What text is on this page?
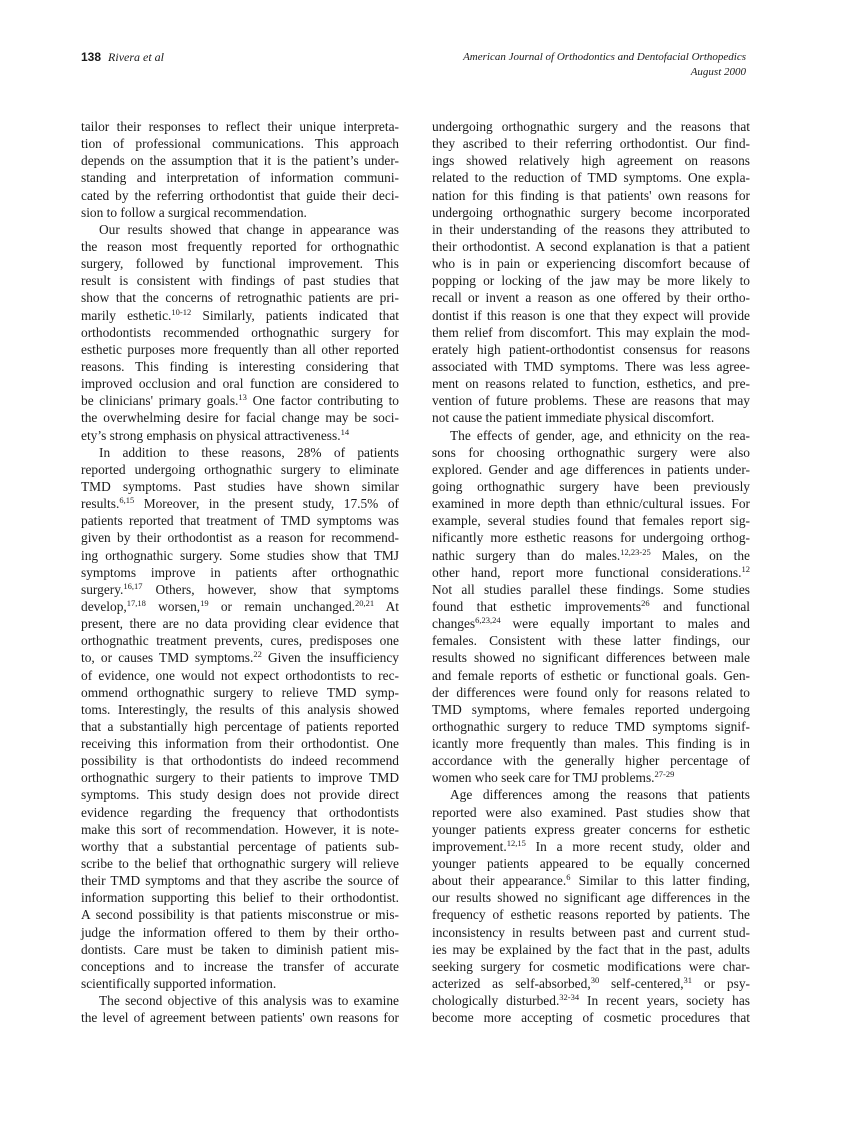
138 Rivera et al	American Journal of Orthodontics and Dentofacial Orthopedics
August 2000
tailor their responses to reflect their unique interpreta-
tion of professional communications. This approach
depends on the assumption that it is the patient’s under-
standing and interpretation of information communi-
cated by the referring orthodontist that guide their deci-
sion to follow a surgical recommendation.
Our results showed that change in appearance was
the reason most frequently reported for orthognathic
surgery, followed by functional improvement. This
result is consistent with findings of past studies that
show that the concerns of retrognathic patients are pri-
marily esthetic.$^{10-12}$ Similarly, patients indicated that
orthodontists recommended orthognathic surgery for
esthetic purposes more frequently than all other reported
reasons. This finding is interesting considering that
improved occlusion and oral function are considered to
be clinicians' primary goals.$^{13}$ One factor contributing to
the overwhelming desire for facial change may be soci-
ety’s strong emphasis on physical attractiveness.$^{14}$
In addition to these reasons, 28% of patients
reported undergoing orthognathic surgery to eliminate
TMD symptoms. Past studies have shown similar
results.$^{6,15}$ Moreover, in the present study, 17.5% of
patients reported that treatment of TMD symptoms was
given by their orthodontist as a reason for recommend-
ing orthognathic surgery. Some studies show that TMJ
symptoms improve in patients after orthognathic
surgery.$^{16,17}$ Others, however, show that symptoms
develop,$^{17,18}$ worsen,$^{19}$ or remain unchanged.$^{20,21}$ At
present, there are no data providing clear evidence that
orthognathic treatment prevents, cures, predisposes one
to, or causes TMD symptoms.$^{22}$ Given the insufficiency
of evidence, one would not expect orthodontists to rec-
ommend orthognathic surgery to relieve TMD symp-
toms. Interestingly, the results of this analysis showed
that a substantially high percentage of patients reported
receiving this information from their orthodontist. One
possibility is that orthodontists do indeed recommend
orthognathic surgery to their patients to improve TMD
symptoms. This study design does not provide direct
evidence regarding the frequency that orthodontists
make this sort of recommendation. However, it is note-
worthy that a substantial percentage of patients sub-
scribe to the belief that orthognathic surgery will relieve
their TMD symptoms and that they ascribe the source of
information supporting this belief to their orthodontist.
A second possibility is that patients misconstrue or mis-
judge the information offered to them by their ortho-
dontists. Care must be taken to diminish patient mis-
conceptions and to increase the transfer of accurate
scientifically supported information.
The second objective of this analysis was to examine
the level of agreement between patients' own reasons for
undergoing orthognathic surgery and the reasons that
they ascribed to their referring orthodontist. Our find-
ings showed relatively high agreement on reasons
related to the reduction of TMD symptoms. One expla-
nation for this finding is that patients' own reasons for
undergoing orthognathic surgery become incorporated
in their understanding of the reasons they attributed to
their orthodontist. A second explanation is that a patient
who is in pain or experiencing discomfort because of
popping or locking of the jaw may be more likely to
recall or invent a reason as one offered by their ortho-
dontist if this reason is one that they expect will provide
them relief from discomfort. This may explain the mod-
erately high patient-orthodontist consensus for reasons
associated with TMD symptoms. There was less agree-
ment on reasons related to function, esthetics, and pre-
vention of future problems. These are reasons that may
not cause the patient immediate physical discomfort.
The effects of gender, age, and ethnicity on the rea-
sons for choosing orthognathic surgery were also
explored. Gender and age differences in patients under-
going orthognathic surgery have been previously
examined in more depth than ethnic/cultural issues. For
example, several studies found that females report sig-
nificantly more esthetic reasons for undergoing orthog-
nathic surgery than do males.$^{12,23-25}$ Males, on the
other hand, report more functional considerations.$^{12}$
Not all studies parallel these findings. Some studies
found that esthetic improvements$^{26}$ and functional
changes$^{6,23,24}$ were equally important to males and
females. Consistent with these latter findings, our
results showed no significant differences between male
and female reports of esthetic or functional goals. Gen-
der differences were found only for reasons related to
TMD symptoms, where females reported undergoing
orthognathic surgery to reduce TMD symptoms signif-
icantly more frequently than males. This finding is in
accordance with the generally higher percentage of
women who seek care for TMJ problems.$^{27-29}$
Age differences among the reasons that patients
reported were also examined. Past studies show that
younger patients express greater concerns for esthetic
improvement.$^{12,15}$ In a more recent study, older and
younger patients appeared to be equally concerned
about their appearance.$^6$ Similar to this latter finding,
our results showed no significant age differences in the
frequency of esthetic reasons reported by patients. The
inconsistency in results between past and current stud-
ies may be explained by the fact that in the past, adults
seeking surgery for cosmetic modifications were char-
acterized as self-absorbed,$^{30}$ self-centered,$^{31}$ or psy-
chologically disturbed.$^{32-34}$ In recent years, society has
become more accepting of cosmetic procedures that
